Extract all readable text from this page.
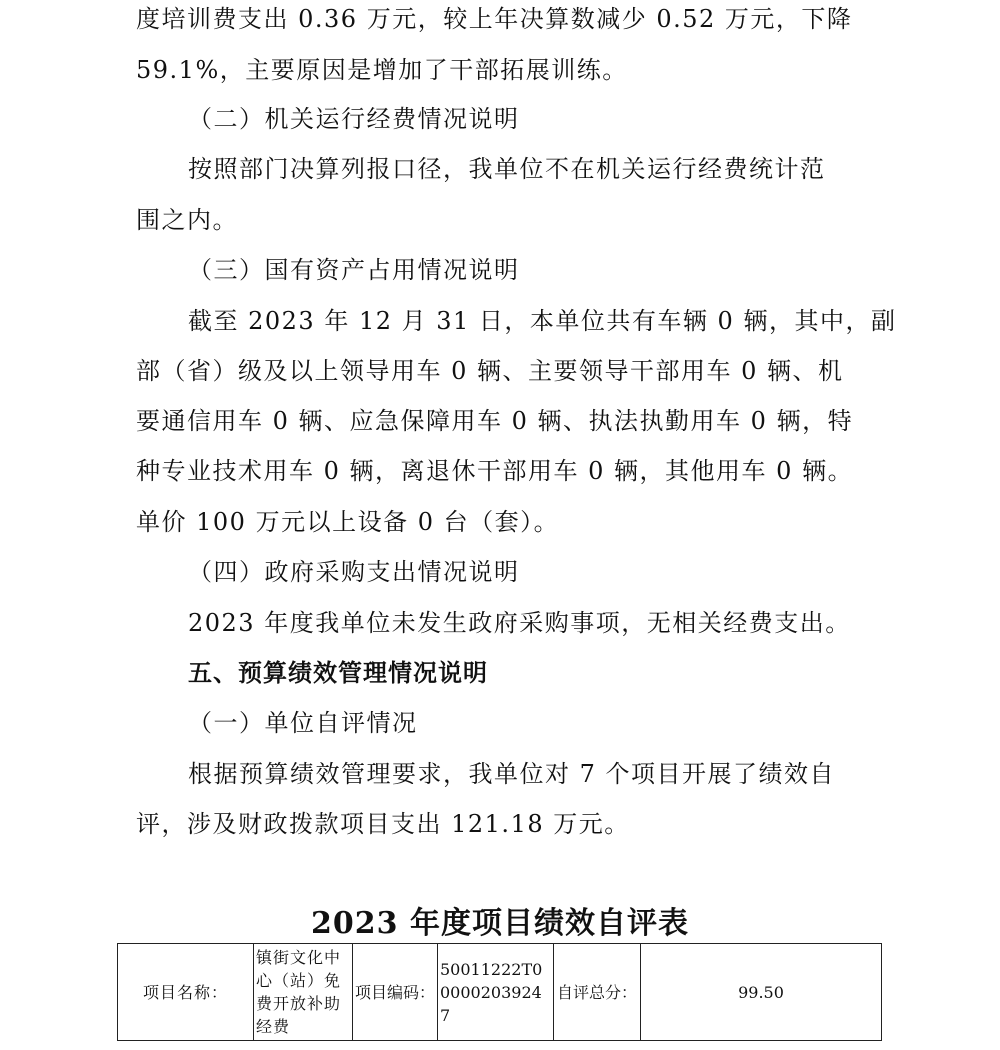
度培训费支出 0.36 万元，较上年决算数减少 0.52 万元，下降
59.1%，主要原因是增加了干部拓展训练。
（二）机关运行经费情况说明
按照部门决算列报口径，我单位不在机关运行经费统计范
围之内。
（三）国有资产占用情况说明
截至 2023 年 12 月 31 日，本单位共有车辆 0 辆，其中，副
部（省）级及以上领导用车 0 辆、主要领导干部用车 0 辆、机
要通信用车 0 辆、应急保障用车 0 辆、执法执勤用车 0 辆，特
种专业技术用车 0 辆，离退休干部用车 0 辆，其他用车 0 辆。
单价 100 万元以上设备 0 台（套）。
（四）政府采购支出情况说明
2023 年度我单位未发生政府采购事项，无相关经费支出。
五、预算绩效管理情况说明
（一）单位自评情况
根据预算绩效管理要求，我单位对 7 个项目开展了绩效自
评，涉及财政拨款项目支出 121.18 万元。
2023 年度项目绩效自评表
项目名称：	镇街文化中心（站）免费开放补助经费	项目编码：	50011222T000002039247	自评总分：	99.50
